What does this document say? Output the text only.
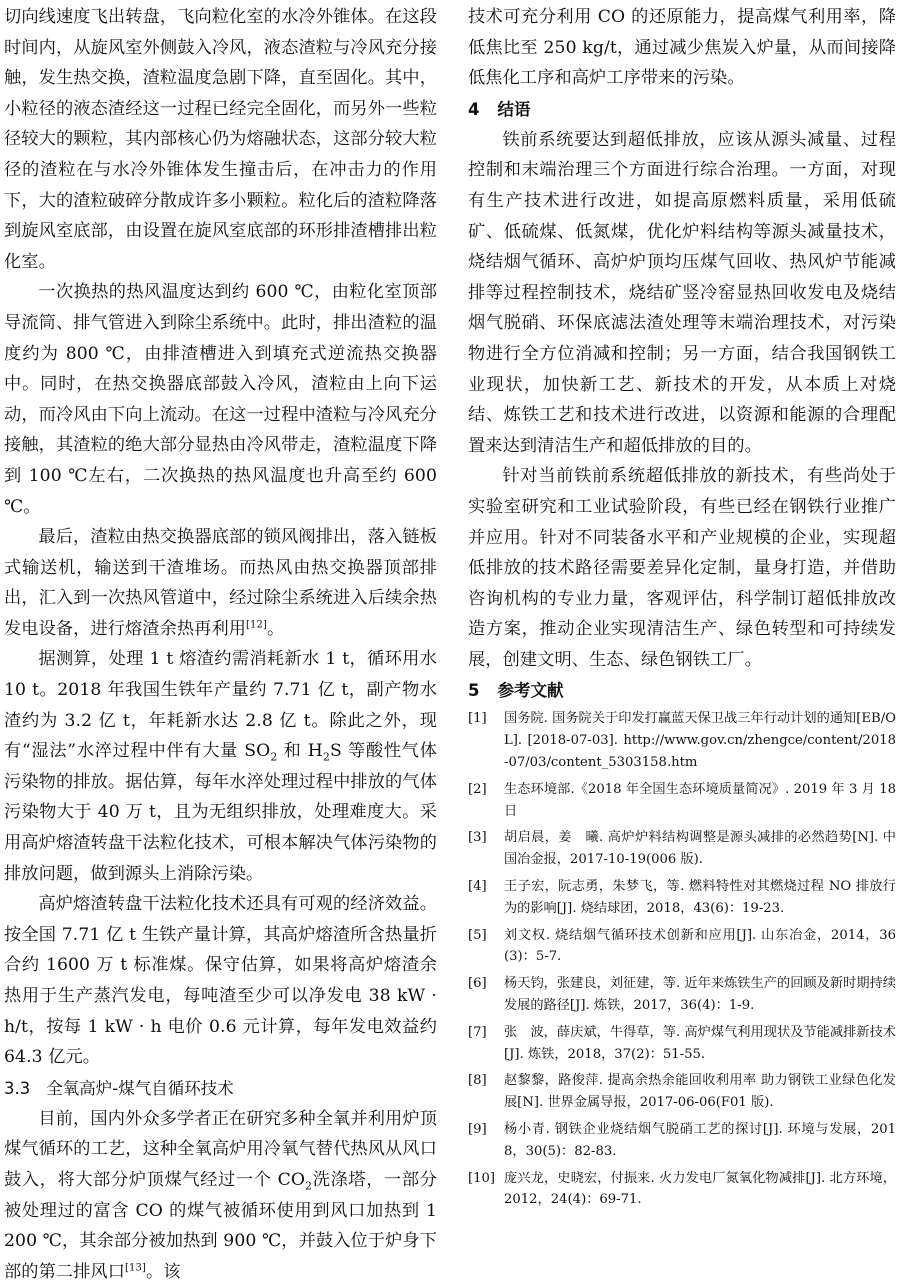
切向线速度飞出转盘，飞向粒化室的水冷外锥体。在这段时间内，从旋风室外侧鼓入冷风，液态渣粒与冷风充分接触，发生热交换，渣粒温度急剧下降，直至固化。其中，小粒径的液态渣经这一过程已经完全固化，而另外一些粒径较大的颗粒，其内部核心仍为熔融状态，这部分较大粒径的渣粒在与水冷外锥体发生撞击后，在冲击力的作用下，大的渣粒破碎分散成许多小颗粒。粒化后的渣粒降落到旋风室底部，由设置在旋风室底部的环形排渣槽排出粒化室。

一次换热的热风温度达到约 600 ℃，由粒化室顶部导流筒、排气管进入到除尘系统中。此时，排出渣粒的温度约为 800 ℃，由排渣槽进入到填充式逆流热交换器中。同时，在热交换器底部鼓入冷风，渣粒由上向下运动，而冷风由下向上流动。在这一过程中渣粒与冷风充分接触，其渣粒的绝大部分显热由冷风带走，渣粒温度下降到 100 ℃左右，二次换热的热风温度也升高至约 600 ℃。

最后，渣粒由热交换器底部的锁风阀排出，落入链板式输送机，输送到干渣堆场。而热风由热交换器顶部排出，汇入到一次热风管道中，经过除尘系统进入后续余热发电设备，进行熔渣余热再利用[12]。

据测算，处理 1 t 熔渣约需消耗新水 1 t，循环用水 10 t。2018 年我国生铁年产量约 7.71 亿 t，副产物水渣约为 3.2 亿 t，年耗新水达 2.8 亿 t。除此之外，现有“湿法”水淬过程中伴有大量 $SO_2$ 和 $H_2S$ 等酸性气体污染物的排放。据估算，每年水淬处理过程中排放的气体污染物大于 40 万 t，且为无组织排放，处理难度大。采用高炉熔渣转盘干法粒化技术，可根本解决气体污染物的排放问题，做到源头上消除污染。

高炉熔渣转盘干法粒化技术还具有可观的经济效益。按全国 7.71 亿 t 生铁产量计算，其高炉熔渣所含热量折合约 1600 万 t 标准煤。保守估算，如果将高炉熔渣余热用于生产蒸汽发电，每吨渣至少可以净发电 38 kW · h/t，按每 1 kW · h 电价 0.6 元计算，每年发电效益约 64.3 亿元。

3.3 全氧高炉-煤气自循环技术

目前，国内外众多学者正在研究多种全氧并利用炉顶煤气循环的工艺，这种全氧高炉用冷氧气替代热风从风口鼓入，将大部分炉顶煤气经过一个 $CO_2$洗涤塔，一部分被处理过的富含 CO 的煤气被循环使用到风口加热到 1 200 ℃，其余部分被加热到 900 ℃，并鼓入位于炉身下部的第二排风口[13]。该

技术可充分利用 CO 的还原能力，提高煤气利用率，降低焦比至 250 kg/t，通过减少焦炭入炉量，从而间接降低焦化工序和高炉工序带来的污染。

4 结语

铁前系统要达到超低排放，应该从源头减量、过程控制和末端治理三个方面进行综合治理。一方面，对现有生产技术进行改进，如提高原燃料质量，采用低硫矿、低硫煤、低氮煤，优化炉料结构等源头减量技术，烧结烟气循环、高炉炉顶均压煤气回收、热风炉节能减排等过程控制技术，烧结矿竖冷窑显热回收发电及烧结烟气脱硝、环保底滤法渣处理等末端治理技术，对污染物进行全方位消减和控制；另一方面，结合我国钢铁工业现状，加快新工艺、新技术的开发，从本质上对烧结、炼铁工艺和技术进行改进，以资源和能源的合理配置来达到清洁生产和超低排放的目的。

针对当前铁前系统超低排放的新技术，有些尚处于实验室研究和工业试验阶段，有些已经在钢铁行业推广并应用。针对不同装备水平和产业规模的企业，实现超低排放的技术路径需要差异化定制，量身打造，并借助咨询机构的专业力量，客观评估，科学制订超低排放改造方案，推动企业实现清洁生产、绿色转型和可持续发展，创建文明、生态、绿色钢铁工厂。

5 参考文献
[1]	国务院. 国务院关于印发打赢蓝天保卫战三年行动计划的通知[EB/OL]. [2018-07-03]. http://www.gov.cn/zhengce/content/2018-07/03/content_5303158.htm
[2]	生态环境部.《2018 年全国生态环境质量简况》. 2019 年 3 月 18 日
[3]	胡启晨，姜　曦. 高炉炉料结构调整是源头减排的必然趋势[N]. 中国冶金报，2017-10-19(006 版).
[4]	王子宏，阮志勇，朱梦飞，等. 燃料特性对其燃烧过程 NO 排放行为的影响[J]. 烧结球团，2018，43(6)：19-23.
[5]	刘文权. 烧结烟气循环技术创新和应用[J]. 山东冶金，2014，36(3)：5-7.
[6]	杨天钧，张建良，刘征建，等. 近年来炼铁生产的回顾及新时期持续发展的路径[J]. 炼铁，2017，36(4)：1-9.
[7]	张　波，薛庆斌，牛得草，等. 高炉煤气利用现状及节能减排新技术[J]. 炼铁，2018，37(2)：51-55.
[8]	赵黎黎，路俊萍. 提高余热余能回收利用率 助力钢铁工业绿色化发展[N]. 世界金属导报，2017-06-06(F01 版).
[9]	杨小青. 钢铁企业烧结烟气脱硝工艺的探讨[J]. 环境与发展，2018，30(5)：82-83.
[10] 庞兴龙，史晓宏，付振来. 火力发电厂氮氧化物减排[J]. 北方环境，2012，24(4)：69-71.
